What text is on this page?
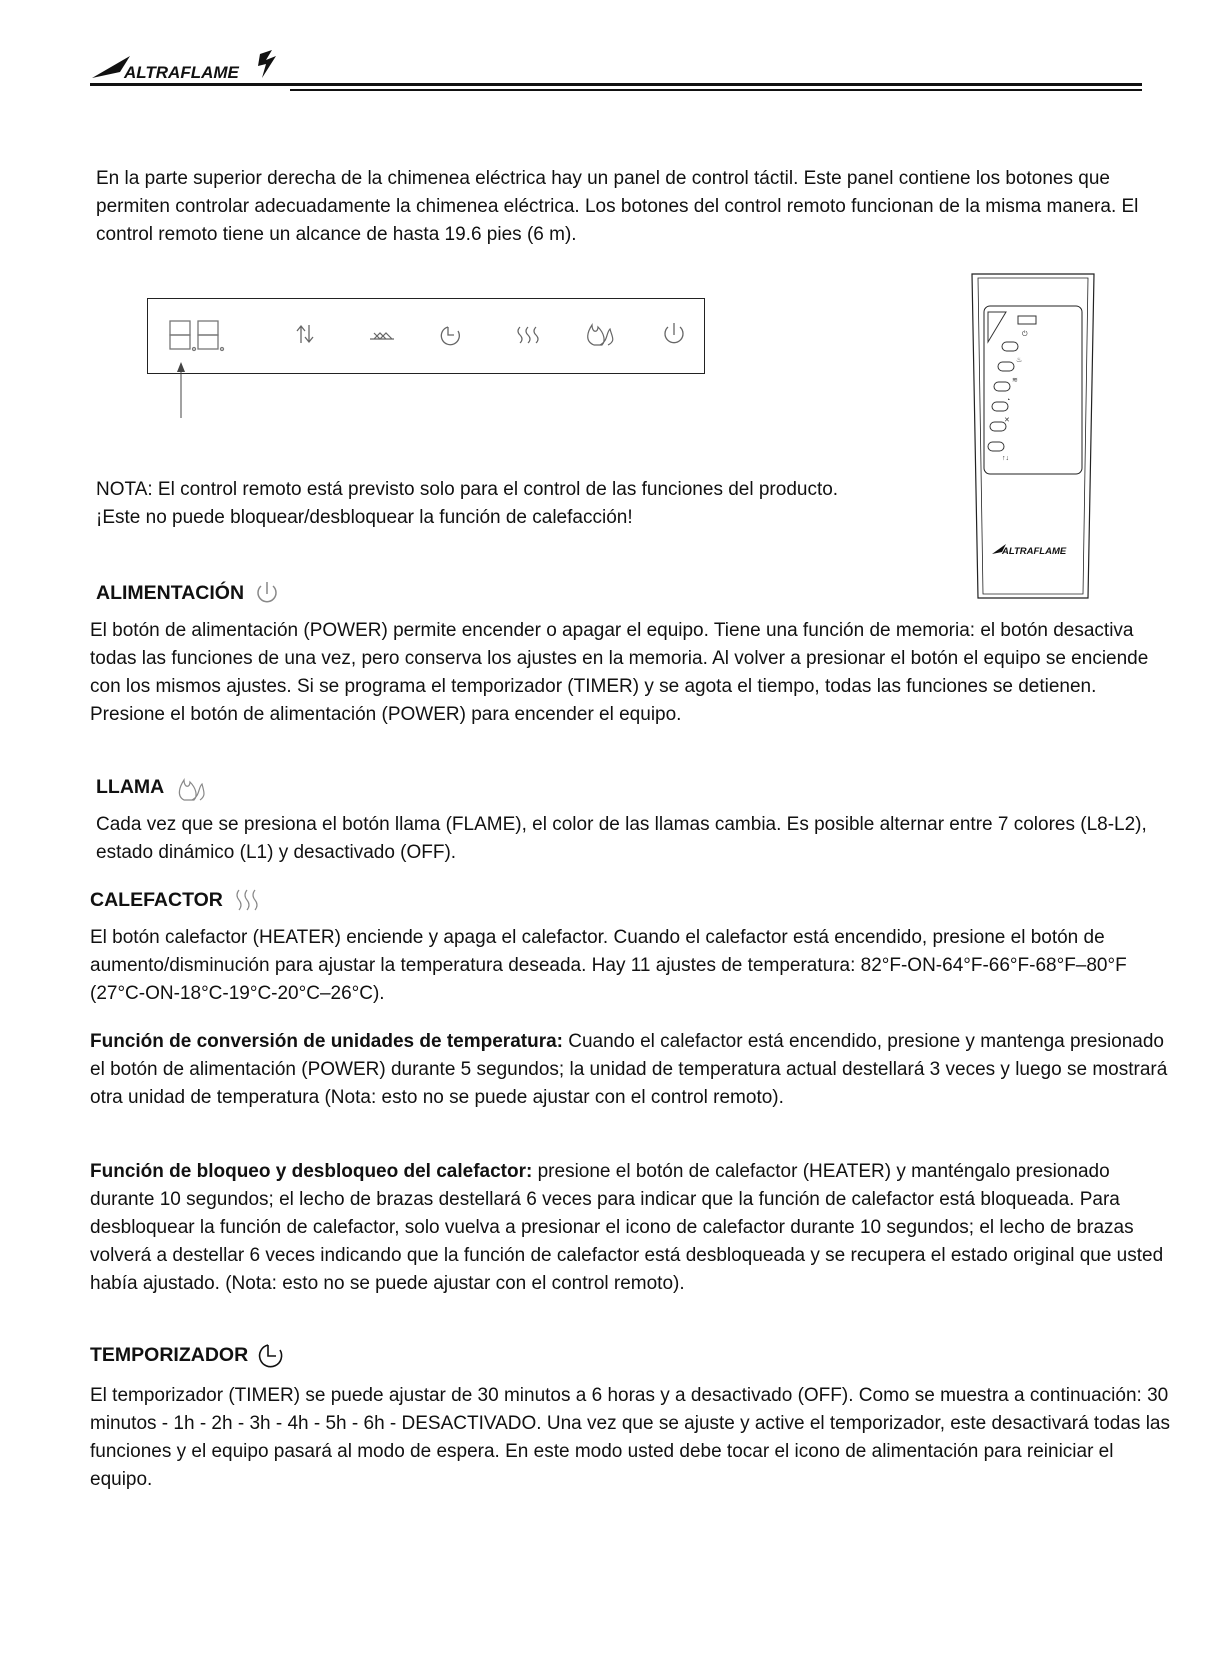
ALTRAFLAME

En la parte superior derecha de la chimenea eléctrica hay un panel de control táctil. Este panel contiene los botones que permiten controlar adecuadamente la chimenea eléctrica. Los botones del control remoto funcionan de la misma manera. El control remoto tiene un alcance de hasta 19.6 pies (6 m).

88.
⏻
♨
≋
◔
✕
↑↓
ALTRAFLAME

NOTA: El control remoto está previsto solo para el control de las funciones del producto.

¡Este no puede bloquear/desbloquear la función de calefacción!

ALIMENTACIÓN

El botón de alimentación (POWER) permite encender o apagar el equipo. Tiene una función de memoria: el botón desactiva todas las funciones de una vez, pero conserva los ajustes en la memoria. Al volver a presionar el botón el equipo se enciende con los mismos ajustes. Si se programa el temporizador (TIMER) y se agota el tiempo, todas las funciones se detienen. Presione el botón de alimentación (POWER) para encender el equipo.

LLAMA

Cada vez que se presiona el botón llama (FLAME), el color de las llamas cambia. Es posible alternar entre 7 colores (L8-L2), estado dinámico (L1) y desactivado (OFF).

CALEFACTOR

El botón calefactor (HEATER) enciende y apaga el calefactor. Cuando el calefactor está encendido, presione el botón de aumento/disminución para ajustar la temperatura deseada. Hay 11 ajustes de temperatura: 82°F-ON-64°F-66°F-68°F–80°F (27°C-ON-18°C-19°C-20°C–26°C).

Función de conversión de unidades de temperatura: Cuando el calefactor está encendido, presione y mantenga presionado el botón de alimentación (POWER) durante 5 segundos; la unidad de temperatura actual destellará 3 veces y luego se mostrará otra unidad de temperatura (Nota: esto no se puede ajustar con el control remoto).

Función de bloqueo y desbloqueo del calefactor: presione el botón de calefactor (HEATER) y manténgalo presionado durante 10 segundos; el lecho de brazas destellará 6 veces para indicar que la función de calefactor está bloqueada. Para desbloquear la función de calefactor, solo vuelva a presionar el icono de calefactor durante 10 segundos; el lecho de brazas volverá a destellar 6 veces indicando que la función de calefactor está desbloqueada y se recupera el estado original que usted había ajustado. (Nota: esto no se puede ajustar con el control remoto).

TEMPORIZADOR

El temporizador (TIMER) se puede ajustar de 30 minutos a 6 horas y a desactivado (OFF). Como se muestra a continuación: 30 minutos - 1h - 2h - 3h - 4h - 5h - 6h - DESACTIVADO. Una vez que se ajuste y active el temporizador, este desactivará todas las funciones y el equipo pasará al modo de espera. En este modo usted debe tocar el icono de alimentación para reiniciar el equipo.
